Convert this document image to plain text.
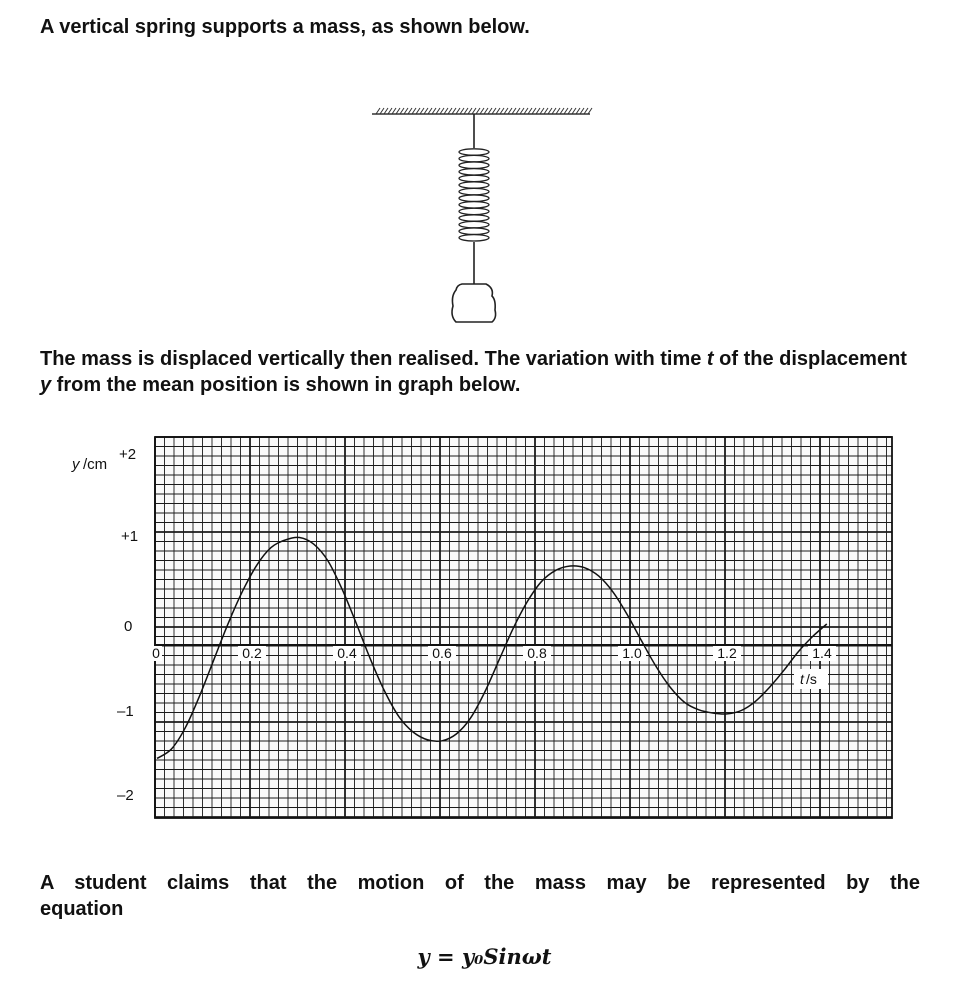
A vertical spring supports a mass, as shown below.

+2
+1
0
–1
–2
0	0.2	0.4	0.6	0.8	1.0	1.2	1.4
y /cm
t /s

The mass is displaced vertically then realised. The variation with time t of the displacement y from the mean position is shown in graph below.

A student claims that the motion of the mass may be represented by the
equation

y = y₀Sinωt
